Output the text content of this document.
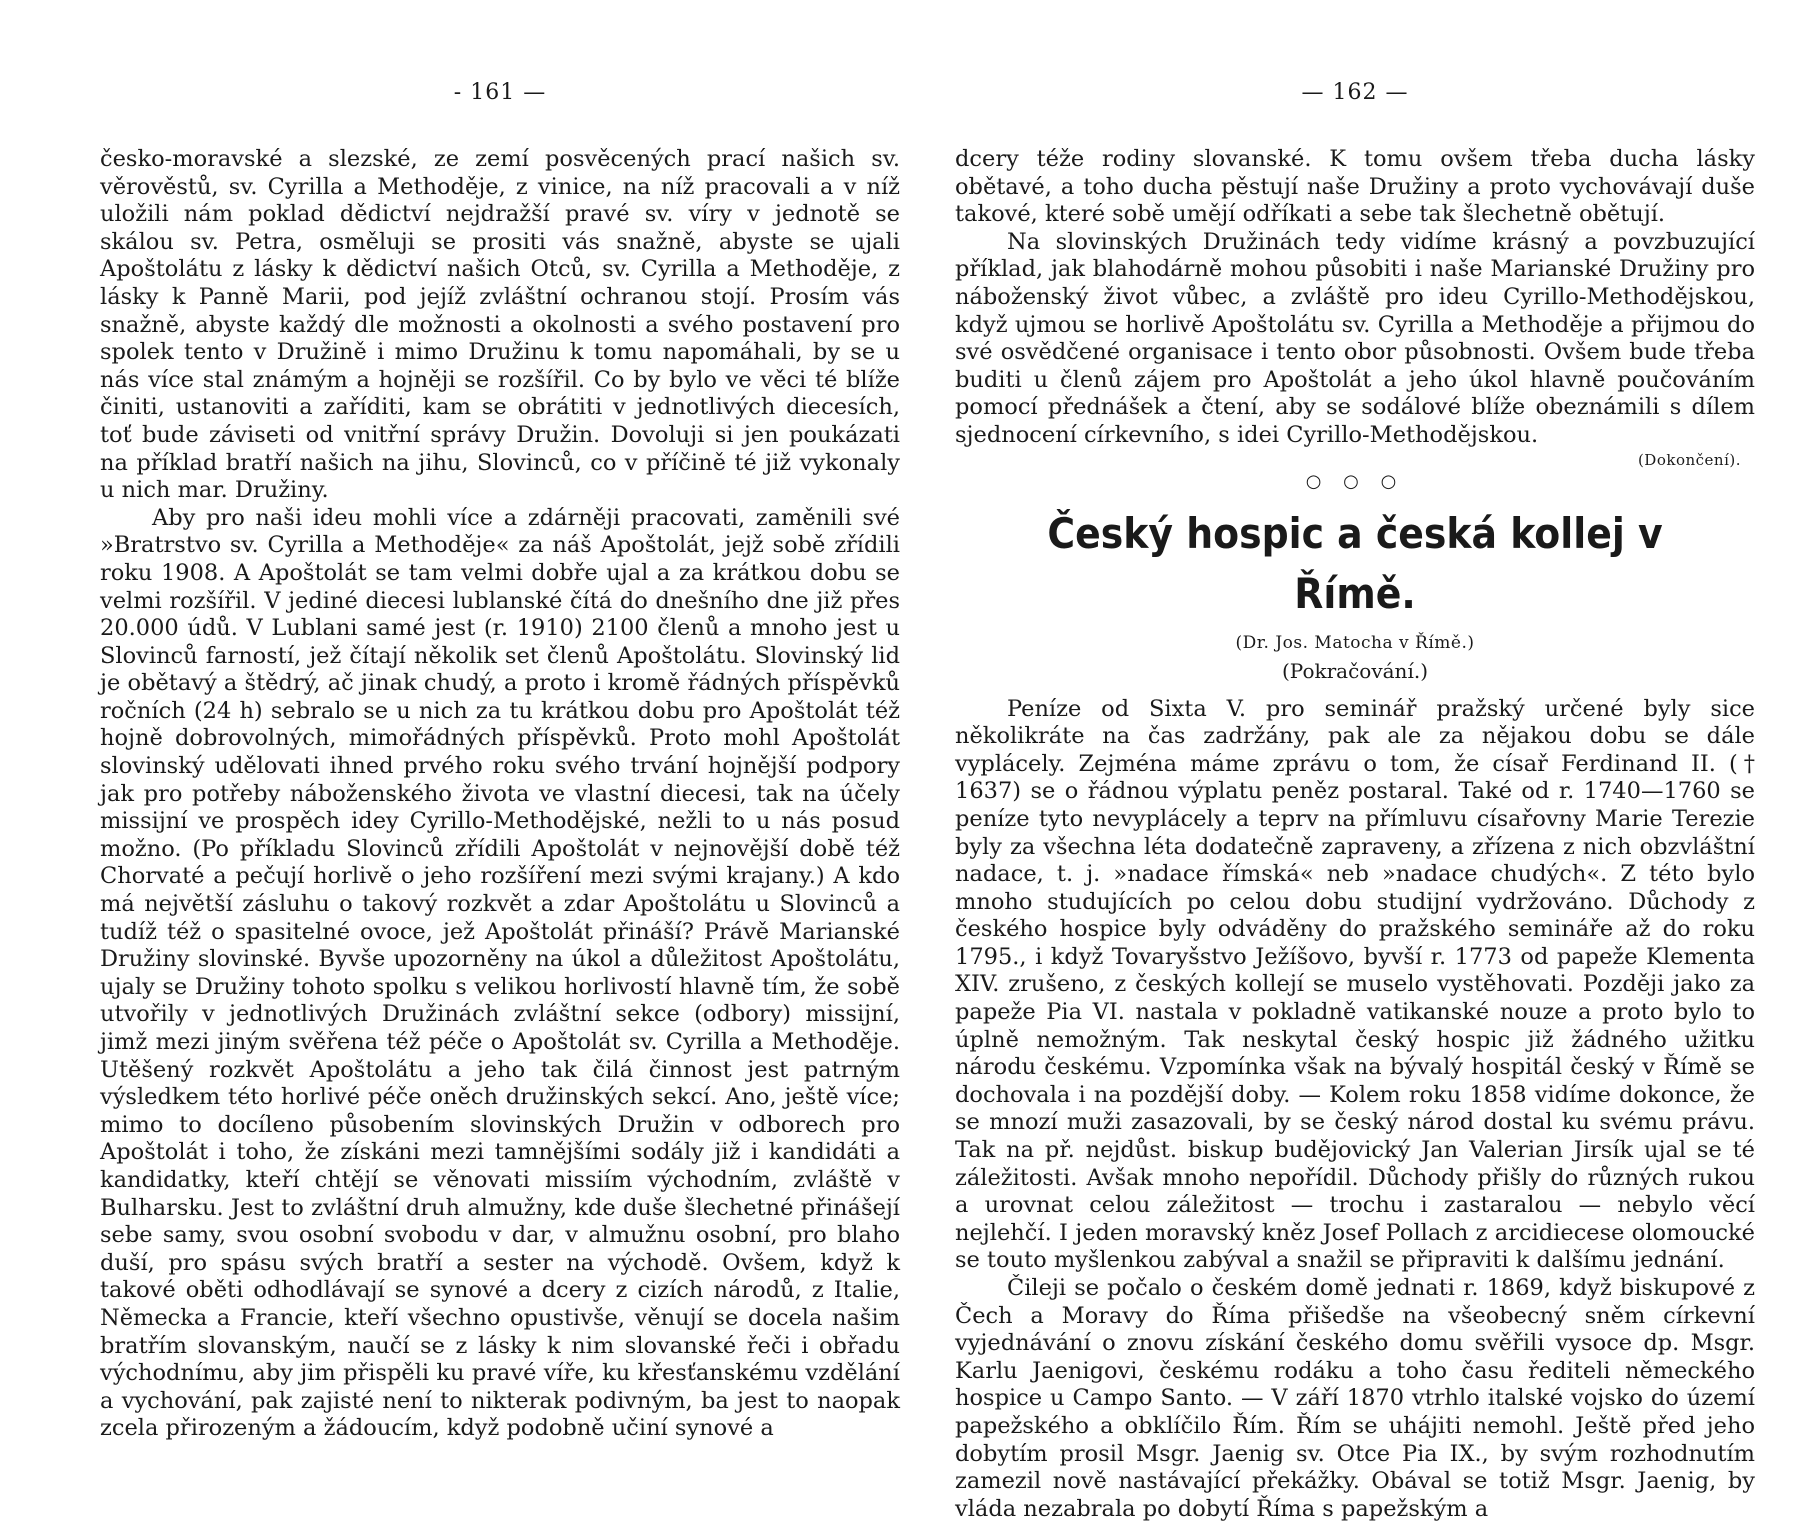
- 161 —

česko-moravské a slezské, ze zemí posvěcených prací našich sv. věrověstů, sv. Cyrilla a Methoděje, z vinice, na níž pracovali a v níž uložili nám poklad dědictví nejdražší pravé sv. víry v jednotě se skálou sv. Petra, osměluji se prositi vás snažně, abyste se ujali Apoštolátu z lásky k dědictví našich Otců, sv. Cyrilla a Methoděje, z lásky k Panně Marii, pod jejíž zvláštní ochranou stojí. Prosím vás snažně, abyste každý dle možnosti a okolnosti a svého postavení pro spolek tento v Družině i mimo Družinu k tomu napomáhali, by se u nás více stal známým a hojněji se rozšířil. Co by bylo ve věci té blíže činiti, ustanoviti a zaříditi, kam se obrátiti v jednotlivých diecesích, toť bude záviseti od vnitřní správy Družin. Dovoluji si jen poukázati na příklad bratří našich na jihu, Slovinců, co v příčině té již vykonaly u nich mar. Družiny.

Aby pro naši ideu mohli více a zdárněji pracovati, zaměnili své »Bratrstvo sv. Cyrilla a Methoděje« za náš Apoštolát, jejž sobě zřídili roku 1908. A Apoštolát se tam velmi dobře ujal a za krátkou dobu se velmi rozšířil. V jediné diecesi lublanské čítá do dnešního dne již přes 20.000 údů. V Lublani samé jest (r. 1910) 2100 členů a mnoho jest u Slovinců farností, jež čítají několik set členů Apoštolátu. Slovinský lid je obětavý a štědrý, ač jinak chudý, a proto i kromě řádných příspěvků ročních (24 h) sebralo se u nich za tu krátkou dobu pro Apoštolát též hojně dobrovolných, mimořádných příspěvků. Proto mohl Apoštolát slovinský udělovati ihned prvého roku svého trvání hojnější podpory jak pro potřeby náboženského života ve vlastní diecesi, tak na účely missijní ve prospěch idey Cyrillo-Methodějské, nežli to u nás posud možno. (Po příkladu Slovinců zřídili Apoštolát v nejnovější době též Chorvaté a pečují horlivě o jeho rozšíření mezi svými krajany.) A kdo má největší zásluhu o takový rozkvět a zdar Apoštolátu u Slovinců a tudíž též o spasitelné ovoce, jež Apoštolát přináší? Právě Marianské Družiny slovinské. Byvše upozorněny na úkol a důležitost Apoštolátu, ujaly se Družiny tohoto spolku s velikou horlivostí hlavně tím, že sobě utvořily v jednotlivých Družinách zvláštní sekce (odbory) missijní, jimž mezi jiným svěřena též péče o Apoštolát sv. Cyrilla a Methoděje. Utěšený rozkvět Apoštolátu a jeho tak čilá činnost jest patrným výsledkem této horlivé péče oněch družinských sekcí. Ano, ještě více; mimo to docíleno působením slovinských Družin v odborech pro Apoštolát i toho, že získáni mezi tamnějšími sodály již i kandidáti a kandidatky, kteří chtějí se věnovati missiím východním, zvláště v Bulharsku. Jest to zvláštní druh almužny, kde duše šlechetné přinášejí sebe samy, svou osobní svobodu v dar, v almužnu osobní, pro blaho duší, pro spásu svých bratří a sester na východě. Ovšem, když k takové oběti odhodlávají se synové a dcery z cizích národů, z Italie, Německa a Francie, kteří všechno opustivše, věnují se docela našim bratřím slovanským, naučí se z lásky k nim slovanské řeči i obřadu východnímu, aby jim přispěli ku pravé víře, ku křesťanskému vzdělání a vychování, pak zajisté není to nikterak podivným, ba jest to naopak zcela přirozeným a žádoucím, když podobně učiní synové a

— 162 —

dcery téže rodiny slovanské. K tomu ovšem třeba ducha lásky obětavé, a toho ducha pěstují naše Družiny a proto vychovávají duše takové, které sobě umějí odříkati a sebe tak šlechetně obětují.

Na slovinských Družinách tedy vidíme krásný a povzbuzující příklad, jak blahodárně mohou působiti i naše Marianské Družiny pro náboženský život vůbec, a zvláště pro ideu Cyrillo-Methodějskou, když ujmou se horlivě Apoštolátu sv. Cyrilla a Methoděje a přijmou do své osvědčené organisace i tento obor působnosti. Ovšem bude třeba buditi u členů zájem pro Apoštolát a jeho úkol hlavně poučováním pomocí přednášek a čtení, aby se sodálové blíže obeznámili s dílem sjednocení církevního, s idei Cyrillo-Methodějskou.

(Dokončení).

○ ○ ○

Český hospic a česká kollej v Římě.

(Dr. Jos. Matocha v Římě.)

(Pokračování.)

Peníze od Sixta V. pro seminář pražský určené byly sice několikráte na čas zadržány, pak ale za nějakou dobu se dále vyplácely. Zejména máme zprávu o tom, že císař Ferdinand II. († 1637) se o řádnou výplatu peněz postaral. Také od r. 1740—1760 se peníze tyto nevyplácely a teprv na přímluvu císařovny Marie Terezie byly za všechna léta dodatečně zapraveny, a zřízena z nich obzvláštní nadace, t. j. »nadace římská« neb »nadace chudých«. Z této bylo mnoho studujících po celou dobu studijní vydržováno. Důchody z českého hospice byly odváděny do pražského semináře až do roku 1795., i když Tovaryšstvo Ježíšovo, byvší r. 1773 od papeže Klementa XIV. zrušeno, z českých kollejí se muselo vystěhovati. Později jako za papeže Pia VI. nastala v pokladně vatikanské nouze a proto bylo to úplně nemožným. Tak neskytal český hospic již žádného užitku národu českému. Vzpomínka však na bývalý hospitál český v Římě se dochovala i na pozdější doby. — Kolem roku 1858 vidíme dokonce, že se mnozí muži zasazovali, by se český národ dostal ku svému právu. Tak na př. nejdůst. biskup budějovický Jan Valerian Jirsík ujal se té záležitosti. Avšak mnoho nepořídil. Důchody přišly do různých rukou a urovnat celou záležitost — trochu i zastaralou — nebylo věcí nejlehčí. I jeden moravský kněz Josef Pollach z arcidiecese olomoucké se touto myšlenkou zabýval a snažil se připraviti k dalšímu jednání.

Čileji se počalo o českém domě jednati r. 1869, když biskupové z Čech a Moravy do Říma přišedše na všeobecný sněm církevní vyjednávání o znovu získání českého domu svěřili vysoce dp. Msgr. Karlu Jaenigovi, českému rodáku a toho času řediteli německého hospice u Campo Santo. — V září 1870 vtrhlo italské vojsko do území papežského a obklíčilo Řím. Řím se uhájiti nemohl. Ještě před jeho dobytím prosil Msgr. Jaenig sv. Otce Pia IX., by svým rozhodnutím zamezil nově nastávající překážky. Obával se totiž Msgr. Jaenig, by vláda nezabrala po dobytí Říma s papežským a
